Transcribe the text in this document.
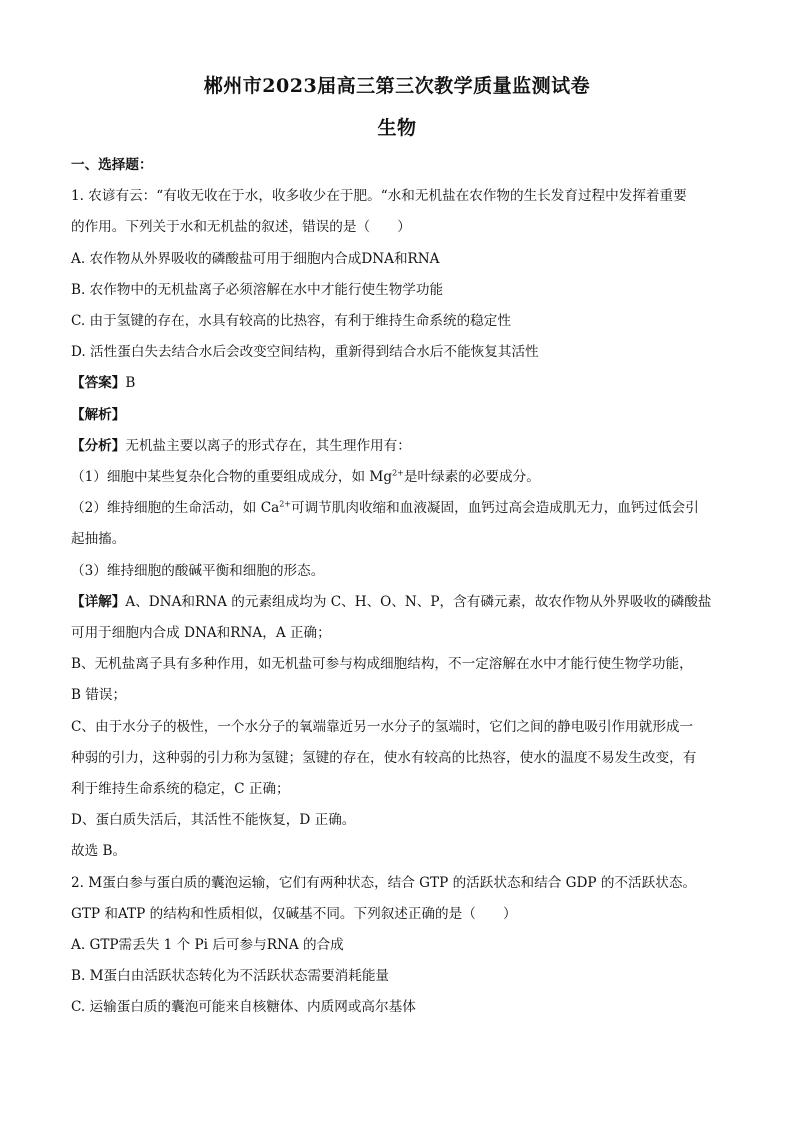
郴州市2023届高三第三次教学质量监测试卷
生物

一、选择题：

1. 农谚有云：“有收无收在于水，收多收少在于肥。“水和无机盐在农作物的生长发育过程中发挥着重要

的作用。下列关于水和无机盐的叙述，错误的是（　　）

A. 农作物从外界吸收的磷酸盐可用于细胞内合成DNA和RNA

B. 农作物中的无机盐离子必须溶解在水中才能行使生物学功能

C. 由于氢键的存在，水具有较高的比热容，有利于维持生命系统的稳定性

D. 活性蛋白失去结合水后会改变空间结构，重新得到结合水后不能恢复其活性

【答案】B

【解析】

【分析】无机盐主要以离子的形式存在，其生理作用有：

（1）细胞中某些复杂化合物的重要组成成分，如 $Mg^{2+}$是叶绿素的必要成分。

（2）维持细胞的生命活动，如 $Ca^{2+}$可调节肌肉收缩和血液凝固，血钙过高会造成肌无力，血钙过低会引

起抽搐。

（3）维持细胞的酸碱平衡和细胞的形态。

【详解】A、DNA和RNA 的元素组成均为 C、H、O、N、P，含有磷元素，故农作物从外界吸收的磷酸盐

可用于细胞内合成 DNA和RNA，A 正确；

B、无机盐离子具有多种作用，如无机盐可参与构成细胞结构，不一定溶解在水中才能行使生物学功能，

B 错误；

C、由于水分子的极性，一个水分子的氧端靠近另一水分子的氢端时，它们之间的静电吸引作用就形成一

种弱的引力，这种弱的引力称为氢键；氢键的存在，使水有较高的比热容，使水的温度不易发生改变，有

利于维持生命系统的稳定，C 正确；

D、蛋白质失活后，其活性不能恢复，D 正确。

故选 B。

2. M蛋白参与蛋白质的囊泡运输，它们有两种状态，结合 GTP 的活跃状态和结合 GDP 的不活跃状态。

GTP 和ATP 的结构和性质相似，仅碱基不同。下列叙述正确的是（　　）

A. GTP需丢失 1 个 Pi 后可参与RNA 的合成

B. M蛋白由活跃状态转化为不活跃状态需要消耗能量

C. 运输蛋白质的囊泡可能来自核糖体、内质网或高尔基体
